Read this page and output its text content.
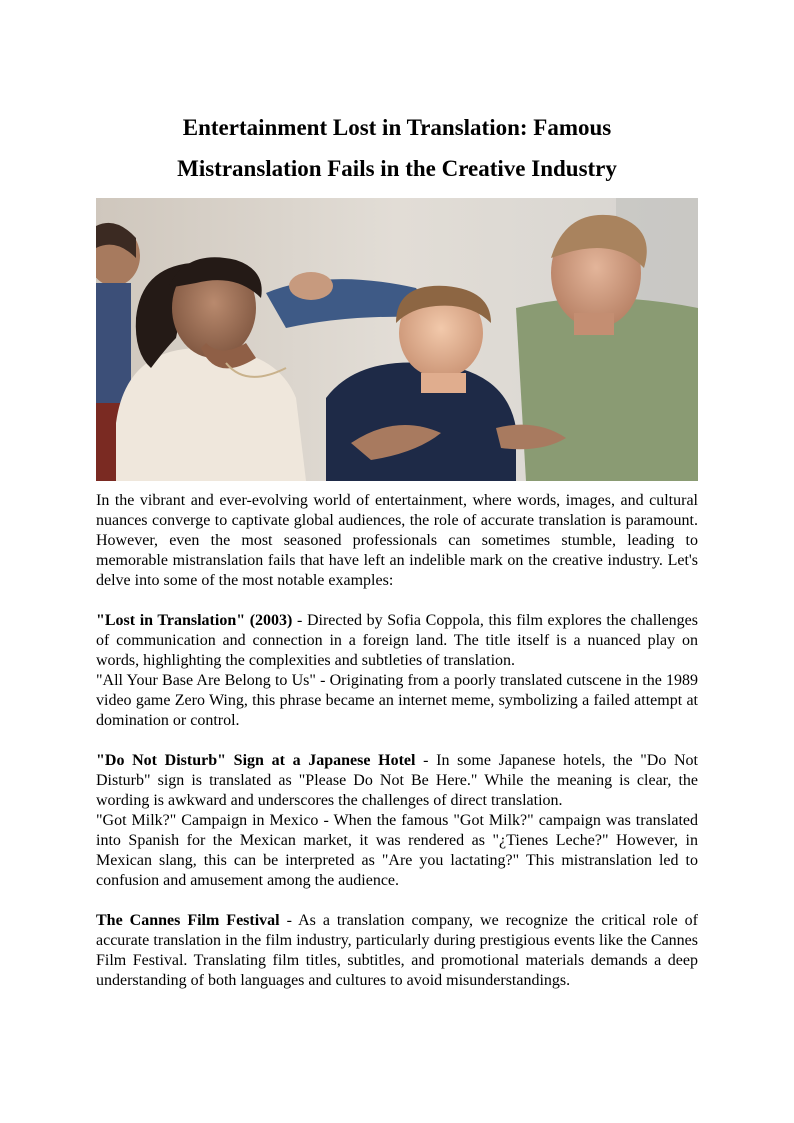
Entertainment Lost in Translation: Famous
Mistranslation Fails in the Creative Industry

In the vibrant and ever-evolving world of entertainment, where words, images, and cultural nuances converge to captivate global audiences, the role of accurate translation is paramount. However, even the most seasoned professionals can sometimes stumble, leading to memorable mistranslation fails that have left an indelible mark on the creative industry. Let's delve into some of the most notable examples:

"Lost in Translation" (2003) - Directed by Sofia Coppola, this film explores the challenges of communication and connection in a foreign land. The title itself is a nuanced play on words, highlighting the complexities and subtleties of translation.

"All Your Base Are Belong to Us" - Originating from a poorly translated cutscene in the 1989 video game Zero Wing, this phrase became an internet meme, symbolizing a failed attempt at domination or control.

"Do Not Disturb" Sign at a Japanese Hotel - In some Japanese hotels, the "Do Not Disturb" sign is translated as "Please Do Not Be Here." While the meaning is clear, the wording is awkward and underscores the challenges of direct translation.

"Got Milk?" Campaign in Mexico - When the famous "Got Milk?" campaign was translated into Spanish for the Mexican market, it was rendered as "¿Tienes Leche?" However, in Mexican slang, this can be interpreted as "Are you lactating?" This mistranslation led to confusion and amusement among the audience.

The Cannes Film Festival - As a translation company, we recognize the critical role of accurate translation in the film industry, particularly during prestigious events like the Cannes Film Festival. Translating film titles, subtitles, and promotional materials demands a deep understanding of both languages and cultures to avoid misunderstandings.
